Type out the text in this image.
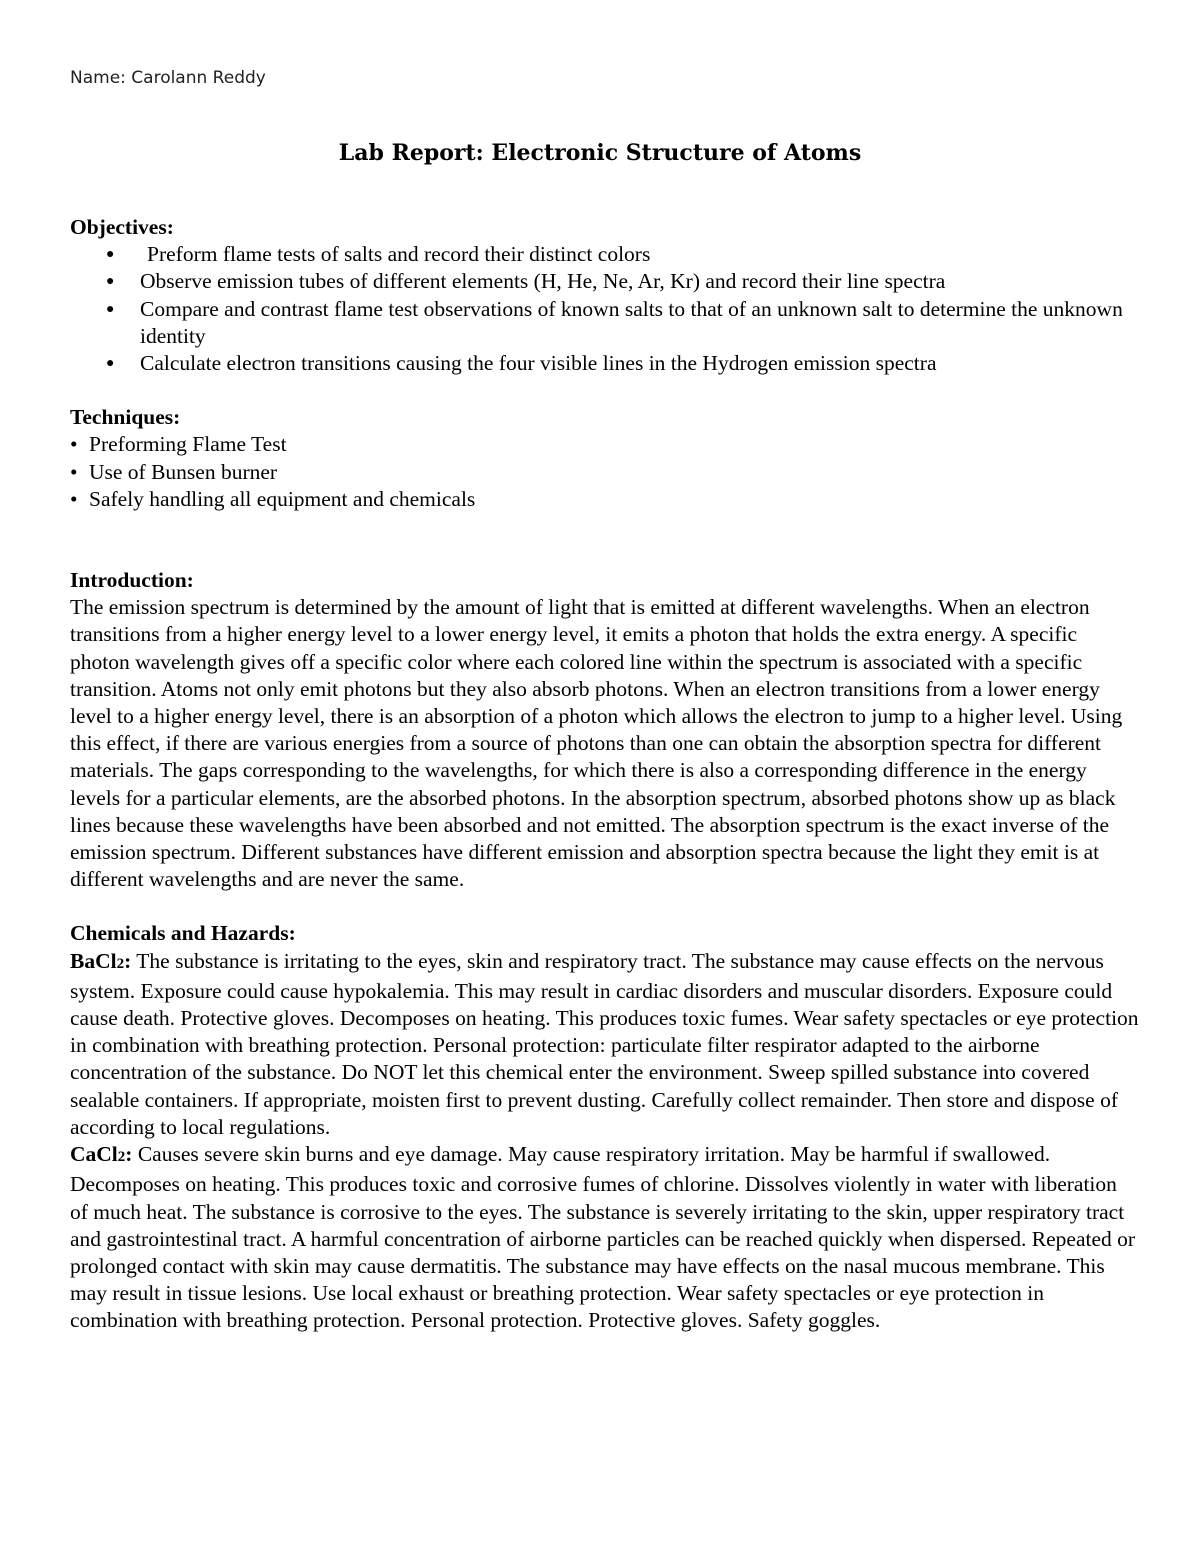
Name: Carolann Reddy
Lab Report: Electronic Structure of Atoms
Objectives:
● Preform flame tests of salts and record their distinct colors
● Observe emission tubes of different elements (H, He, Ne, Ar, Kr) and record their line spectra
● Compare and contrast flame test observations of known salts to that of an unknown salt to determine the unknown identity
● Calculate electron transitions causing the four visible lines in the Hydrogen emission spectra
Techniques:
• Preforming Flame Test
• Use of Bunsen burner
• Safely handling all equipment and chemicals
Introduction:

The emission spectrum is determined by the amount of light that is emitted at different wavelengths. When an electron transitions from a higher energy level to a lower energy level, it emits a photon that holds the extra energy. A specific photon wavelength gives off a specific color where each colored line within the spectrum is associated with a specific transition. Atoms not only emit photons but they also absorb photons. When an electron transitions from a lower energy level to a higher energy level, there is an absorption of a photon which allows the electron to jump to a higher level. Using this effect, if there are various energies from a source of photons than one can obtain the absorption spectra for different materials. The gaps corresponding to the wavelengths, for which there is also a corresponding difference in the energy levels for a particular elements, are the absorbed photons. In the absorption spectrum, absorbed photons show up as black lines because these wavelengths have been absorbed and not emitted. The absorption spectrum is the exact inverse of the emission spectrum. Different substances have different emission and absorption spectra because the light they emit is at different wavelengths and are never the same.

Chemicals and Hazards:

BaCl2: The substance is irritating to the eyes, skin and respiratory tract. The substance may cause effects on the nervous system. Exposure could cause hypokalemia. This may result in cardiac disorders and muscular disorders. Exposure could cause death. Protective gloves. Decomposes on heating. This produces toxic fumes. Wear safety spectacles or eye protection in combination with breathing protection. Personal protection: particulate filter respirator adapted to the airborne concentration of the substance. Do NOT let this chemical enter the environment. Sweep spilled substance into covered sealable containers. If appropriate, moisten first to prevent dusting. Carefully collect remainder. Then store and dispose of according to local regulations.

CaCl2: Causes severe skin burns and eye damage. May cause respiratory irritation. May be harmful if swallowed. Decomposes on heating. This produces toxic and corrosive fumes of chlorine. Dissolves violently in water with liberation of much heat. The substance is corrosive to the eyes. The substance is severely irritating to the skin, upper respiratory tract and gastrointestinal tract. A harmful concentration of airborne particles can be reached quickly when dispersed. Repeated or prolonged contact with skin may cause dermatitis. The substance may have effects on the nasal mucous membrane. This may result in tissue lesions. Use local exhaust or breathing protection. Wear safety spectacles or eye protection in combination with breathing protection. Personal protection. Protective gloves. Safety goggles.
